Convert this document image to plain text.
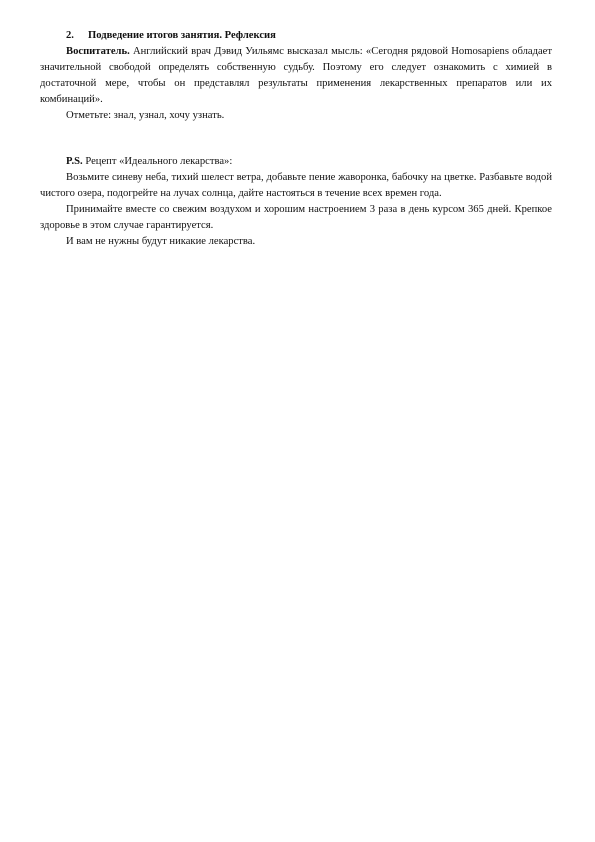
2. Подведение итогов занятия. Рефлексия

Воспитатель. Английский врач Дэвид Уильямс высказал мысль: «Сегодня рядовой Homosapiens обладает значительной свободой определять собственную судьбу. Поэтому его следует ознакомить с химией в достаточной мере, чтобы он представлял результаты применения лекарственных препаратов или их комбинаций».

Отметьте: знал, узнал, хочу узнать.

P.S. Рецепт «Идеального лекарства»:

Возьмите синеву неба, тихий шелест ветра, добавьте пение жаворонка, бабочку на цветке. Разбавьте водой чистого озера, подогрейте на лучах солнца, дайте настояться в течение всех времен года.

Принимайте вместе со свежим воздухом и хорошим настроением 3 раза в день курсом 365 дней. Крепкое здоровье в этом случае гарантируется.

И вам не нужны будут никакие лекарства.
